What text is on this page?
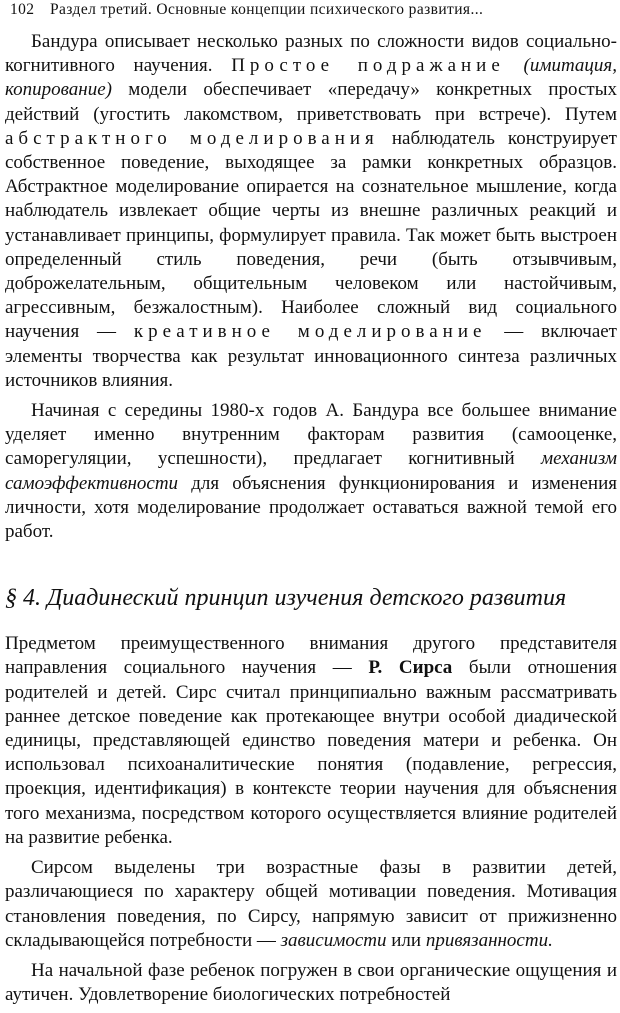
102 Раздел третий. Основные концепции психического развития...

Бандура описывает несколько разных по сложности видов социально-когнитивного научения. Простое подражание (имитация, копирование) модели обеспечивает «передачу» конкретных простых действий (угостить лакомством, приветствовать при встрече). Путем абстрактного моделирования наблюдатель конструирует собственное поведение, выходящее за рамки конкретных образцов. Абстрактное моделирование опирается на сознательное мышление, когда наблюдатель извлекает общие черты из внешне различных реакций и устанавливает принципы, формулирует правила. Так может быть выстроен определенный стиль поведения, речи (быть отзывчивым, доброжелательным, общительным человеком или настойчивым, агрессивным, безжалостным). Наиболее сложный вид социального научения — креативное моделирование — включает элементы творчества как результат инновационного синтеза различных источников влияния.

Начиная с середины 1980-х годов А. Бандура все большее внимание уделяет именно внутренним факторам развития (самооценке, саморегуляции, успешности), предлагает когнитивный механизм самоэффективности для объяснения функционирования и изменения личности, хотя моделирование продолжает оставаться важной темой его работ.

§ 4. Диадинеский принцип изучения детского развития

Предметом преимущественного внимания другого представителя направления социального научения — Р. Сирса были отношения родителей и детей. Сирс считал принципиально важным рассматривать раннее детское поведение как протекающее внутри особой диадической единицы, представляющей единство поведения матери и ребенка. Он использовал психоаналитические понятия (подавление, регрессия, проекция, идентификация) в контексте теории научения для объяснения того механизма, посредством которого осуществляется влияние родителей на развитие ребенка.

Сирсом выделены три возрастные фазы в развитии детей, различающиеся по характеру общей мотивации поведения. Мотивация становления поведения, по Сирсу, напрямую зависит от прижизненно складывающейся потребности — зависимости или привязанности.

На начальной фазе ребенок погружен в свои органические ощущения и аутичен. Удовлетворение биологических потребностей
